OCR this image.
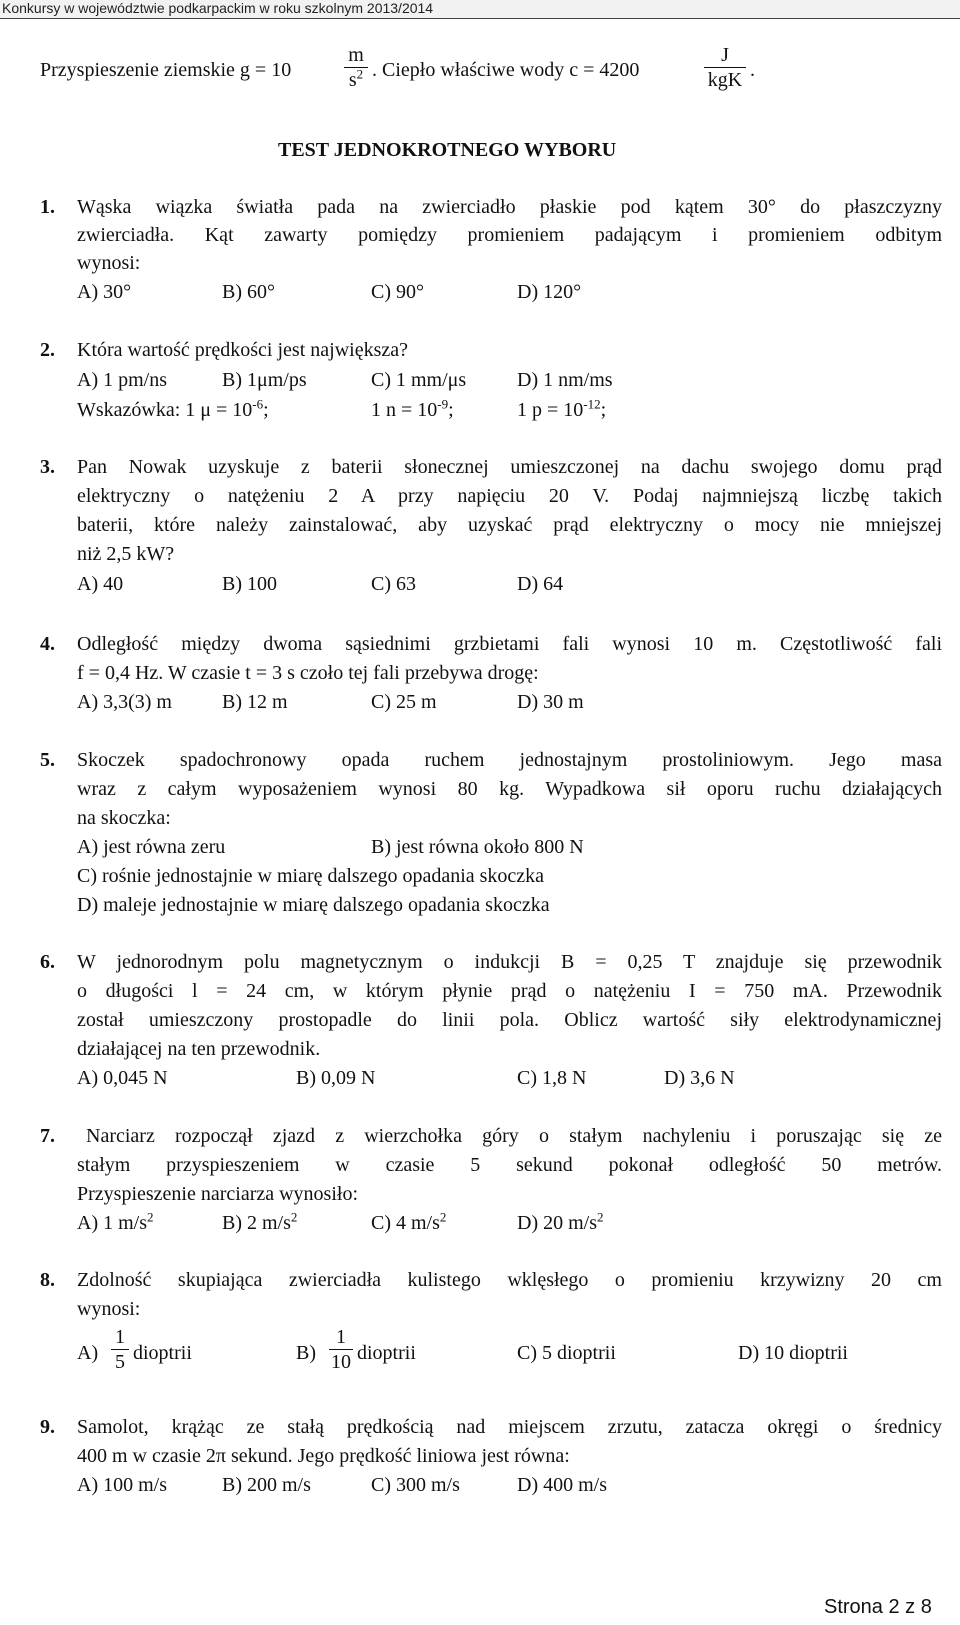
Konkursy w województwie podkarpackim w roku szkolnym 2013/2014
Przyspieszenie ziemskie g = 10
m
$s^2$ . Ciepło właściwe wody c = 4200
J
kgK .
TEST JEDNOKROTNEGO WYBORU
1. Wąska wiązka światła pada na zwierciadło płaskie pod kątem 30° do płaszczyzny
zwierciadła. Kąt zawarty pomiędzy promieniem padającym i promieniem odbitym
wynosi:
A) 30°	B) 60°	C) 90°	D) 120°
2. Która wartość prędkości jest największa?
A) 1 pm/ns	B) 1μm/ps	C) 1 mm/μs	D) 1 nm/ms
Wskazówka: 1 $\mu = 10^{-6}$;	1 $n = 10^{-9}$;	1 $p = 10^{-12}$;
3. Pan Nowak uzyskuje z baterii słonecznej umieszczonej na dachu swojego domu prąd
elektryczny o natężeniu 2 A przy napięciu 20 V. Podaj najmniejszą liczbę takich
baterii, które należy zainstalować, aby uzyskać prąd elektryczny o mocy nie mniejszej
niż 2,5 kW?
A) 40	B) 100	C) 63	D) 64
4. Odległość między dwoma sąsiednimi grzbietami fali wynosi 10 m. Częstotliwość fali
f = 0,4 Hz. W czasie t = 3 s czoło tej fali przebywa drogę:
A) 3,3(3) m	B) 12 m	C) 25 m	D) 30 m
5. Skoczek spadochronowy opada ruchem jednostajnym prostoliniowym. Jego masa
wraz z całym wyposażeniem wynosi 80 kg. Wypadkowa sił oporu ruchu działających
na skoczka:
A) jest równa zeru	B) jest równa około 800 N
C) rośnie jednostajnie w miarę dalszego opadania skoczka
D) maleje jednostajnie w miarę dalszego opadania skoczka
6. W jednorodnym polu magnetycznym o indukcji B = 0,25 T znajduje się przewodnik
o długości l = 24 cm, w którym płynie prąd o natężeniu I = 750 mA. Przewodnik
został umieszczony prostopadle do linii pola. Oblicz wartość siły elektrodynamicznej
działającej na ten przewodnik.
A) 0,045 N	B) 0,09 N	C) 1,8 N	D) 3,6 N
7. Narciarz rozpoczął zjazd z wierzchołka góry o stałym nachyleniu i poruszając się ze
stałym przyspieszeniem w czasie 5 sekund pokonał odległość 50 metrów.
Przyspieszenie narciarza wynosiło:
A) 1 $m/s^2$	B) 2 $m/s^2$	C) 4 $m/s^2$	D) 20 $m/s^2$
8. Zdolność skupiająca zwierciadła kulistego wklęsłego o promieniu krzywizny 20 cm
wynosi:
A)
1
5 dioptrii	B)
1
10 dioptrii	C) 5 dioptrii	D) 10 dioptrii
9. Samolot, krążąc ze stałą prędkością nad miejscem zrzutu, zatacza okręgi o średnicy
400 m w czasie 2π sekund. Jego prędkość liniowa jest równa:
A) 100 m/s	B) 200 m/s	C) 300 m/s	D) 400 m/s
Strona 2 z 8
